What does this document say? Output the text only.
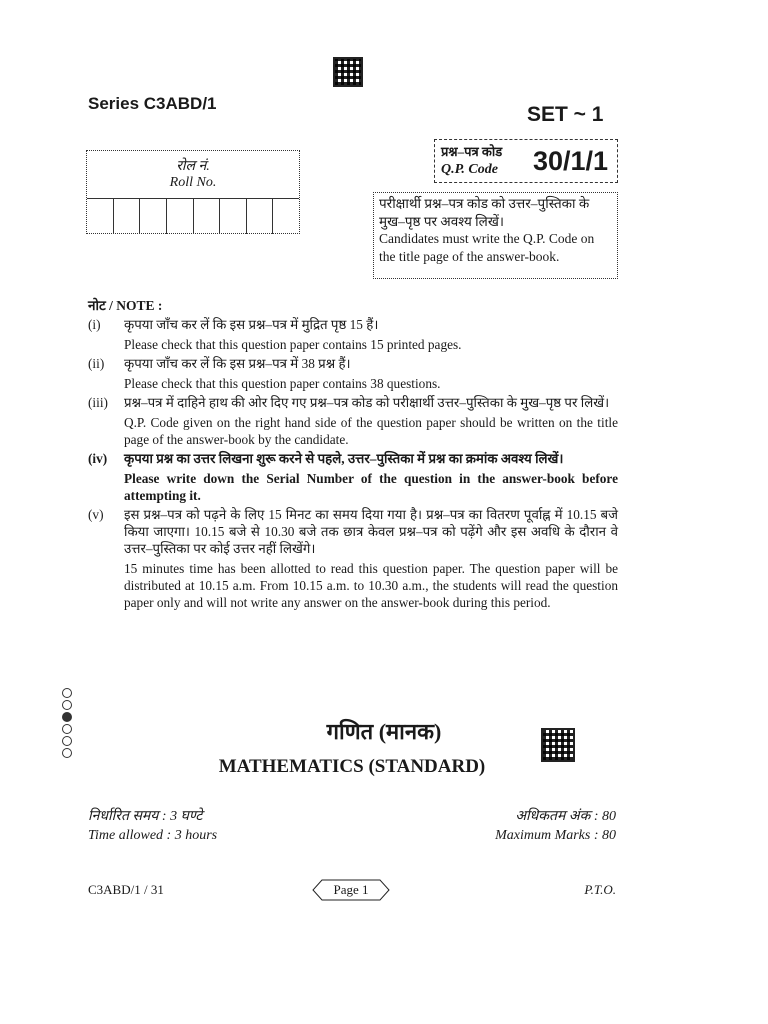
Series C3ABD/1	SET ~ 1
प्रश्न–पत्र कोड
Q.P. Code 30/1/1
रोल नं.
Roll No.
परीक्षार्थी प्रश्न–पत्र कोड को उत्तर–पुस्तिका के मुख–पृष्ठ पर अवश्य लिखें।
Candidates must write the Q.P. Code on the title page of the answer-book.
नोट / NOTE :
(i) कृपया जाँच कर लें कि इस प्रश्न–पत्र में मुद्रित पृष्ठ 15 हैं।
Please check that this question paper contains 15 printed pages.
(ii) कृपया जाँच कर लें कि इस प्रश्न–पत्र में 38 प्रश्न हैं।
Please check that this question paper contains 38 questions.
(iii) प्रश्न–पत्र में दाहिने हाथ की ओर दिए गए प्रश्न–पत्र कोड को परीक्षार्थी उत्तर–पुस्तिका के मुख–पृष्ठ पर लिखें।
Q.P. Code given on the right hand side of the question paper should be written on the title page of the answer-book by the candidate.
(iv) कृपया प्रश्न का उत्तर लिखना शुरू करने से पहले, उत्तर–पुस्तिका में प्रश्न का क्रमांक अवश्य लिखें।
Please write down the Serial Number of the question in the answer-book before attempting it.
(v) इस प्रश्न–पत्र को पढ़ने के लिए 15 मिनट का समय दिया गया है। प्रश्न–पत्र का वितरण पूर्वाह्न में 10.15 बजे किया जाएगा। 10.15 बजे से 10.30 बजे तक छात्र केवल प्रश्न–पत्र को पढ़ेंगे और इस अवधि के दौरान वे उत्तर–पुस्तिका पर कोई उत्तर नहीं लिखेंगे।
15 minutes time has been allotted to read this question paper. The question paper will be distributed at 10.15 a.m. From 10.15 a.m. to 10.30 a.m., the students will read the question paper only and will not write any answer on the answer-book during this period.
गणित (मानक)
MATHEMATICS (STANDARD)
निर्धारित समय : 3 घण्टे
Time allowed : 3 hours
अधिकतम अंक : 80
Maximum Marks : 80
C3ABD/1 / 31	Page 1	P.T.O.
